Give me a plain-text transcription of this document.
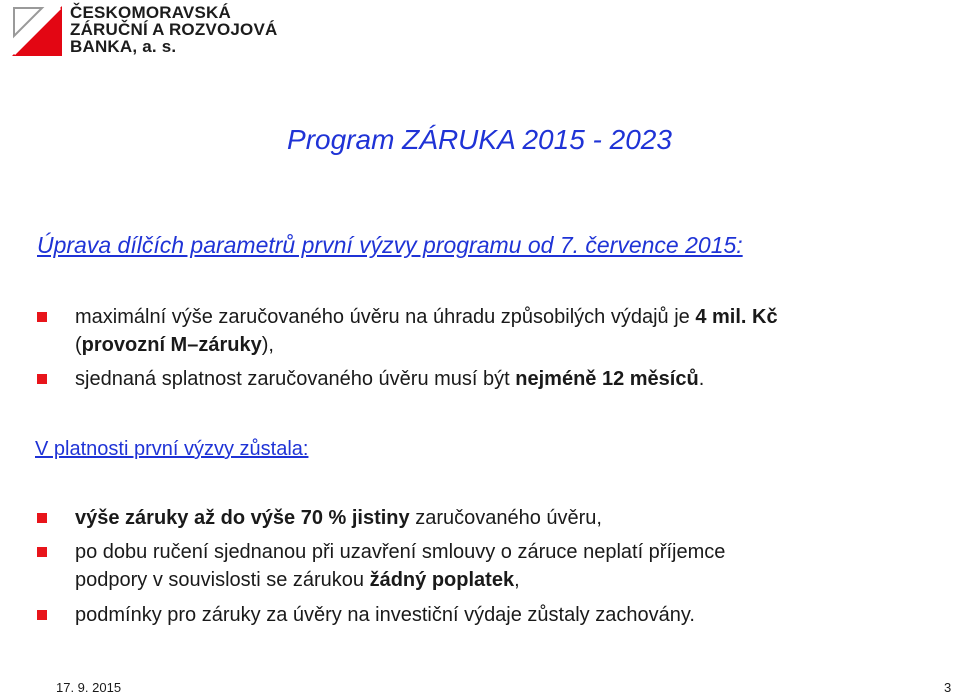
ČESKOMORAVSKÁ
ZÁRUČNÍ A ROZVOJOVÁ
BANKA, a. s.
Program ZÁRUKA 2015 - 2023
Úprava dílčích parametrů první výzvy programu od 7. července 2015:
maximální výše zaručovaného úvěru na úhradu způsobilých výdajů je 4 mil. Kč
(provozní M–záruky),
sjednaná splatnost zaručovaného úvěru musí být nejméně 12 měsíců.
V platnosti první výzvy zůstala:
výše záruky až do výše 70 % jistiny zaručovaného úvěru,
po dobu ručení sjednanou při uzavření smlouvy o záruce neplatí příjemce
podpory v souvislosti se zárukou žádný poplatek,
podmínky pro záruky za úvěry na investiční výdaje zůstaly zachovány.
17. 9. 2015	3
